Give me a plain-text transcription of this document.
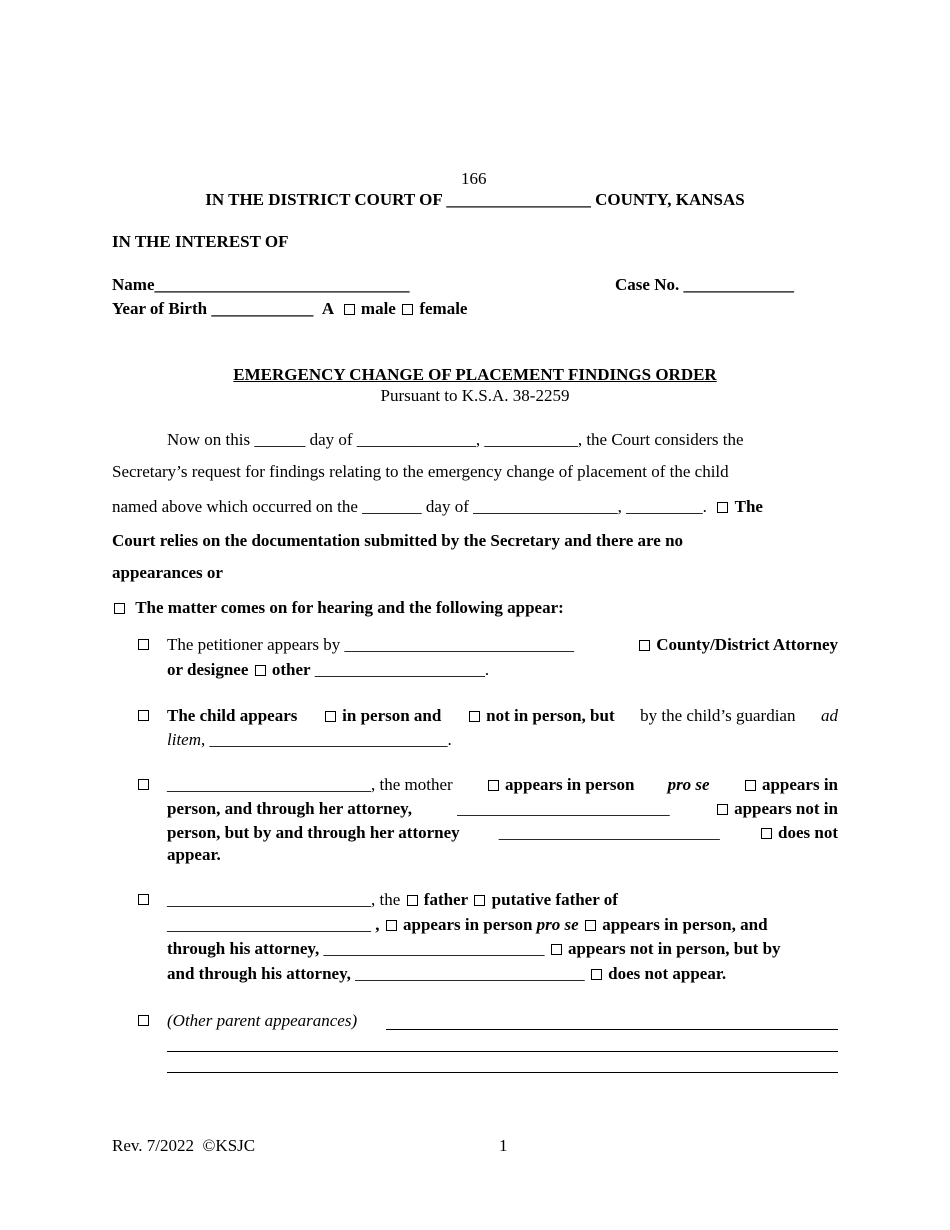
166
IN THE DISTRICT COURT OF _________________ COUNTY, KANSAS
IN THE INTEREST OF
Name______________________________	Case No. _____________
Year of Birth ____________ A male female
EMERGENCY CHANGE OF PLACEMENT FINDINGS ORDER
Pursuant to K.S.A. 38-2259
Now on this ______ day of ______________, ___________, the Court considers the
Secretary’s request for findings relating to the emergency change of placement of the child
named above which occurred on the _______ day of _________________, _________. The
Court relies on the documentation submitted by the Secretary and there are no
appearances or
The matter comes on for hearing and the following appear:
The petitioner appears by ___________________________	County/District Attorney
or designee other ____________________.
The child appears	in person and	not in person, but by the child’s guardian ad
litem, ____________________________.
________________________, the mother	appears in person pro se	appears in
person, and through her attorney,	_________________________	appears not in
person, but by and through her attorney __________________________	does not
appear.
________________________, the father putative father of
________________________ , appears in person pro se appears in person, and
through his attorney, __________________________ appears not in person, but by
and through his attorney, ___________________________ does not appear.
(Other parent appearances)
Rev. 7/2022  ©KSJC	1
